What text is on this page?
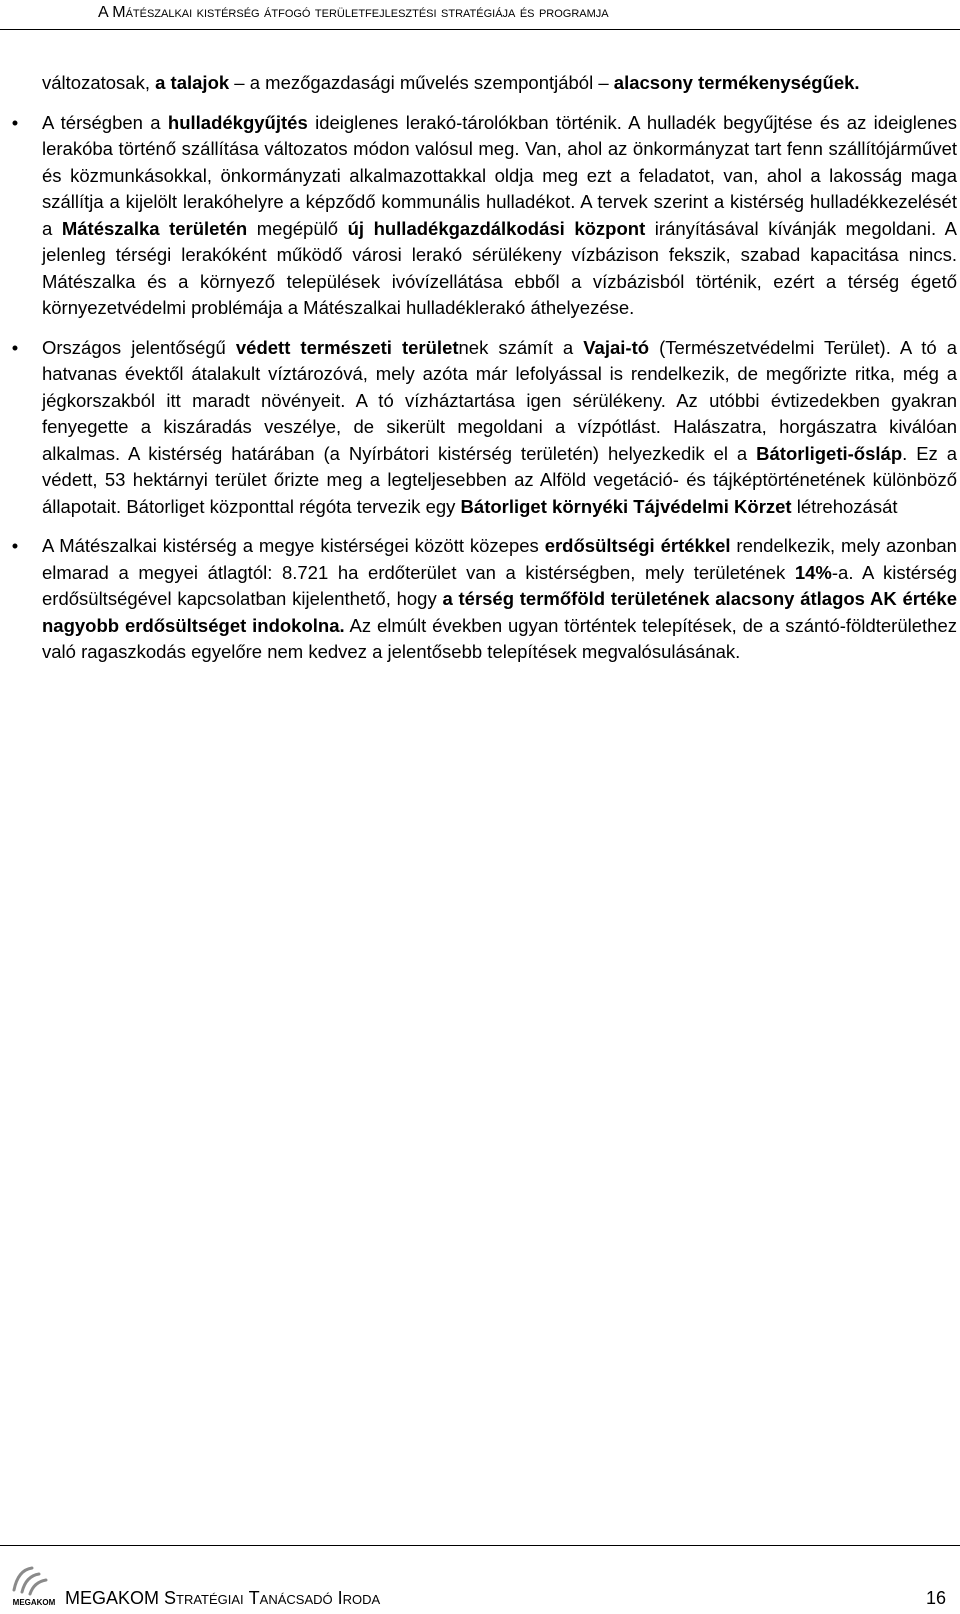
A Mátészalkai kistérség átfogó területfejlesztési stratégiája és programja

változatosak, a talajok – a mezőgazdasági művelés szempontjából – alacsony termékenységűek.

• A térségben a hulladékgyűjtés ideiglenes lerakó-tárolókban történik. A hulladék begyűjtése és az ideiglenes lerakóba történő szállítása változatos módon valósul meg. Van, ahol az önkormányzat tart fenn szállítójárművet és közmunkásokkal, önkormányzati alkalmazottakkal oldja meg ezt a feladatot, van, ahol a lakosság maga szállítja a kijelölt lerakóhelyre a képződő kommunális hulladékot. A tervek szerint a kistérség hulladékkezelését a Mátészalka területén megépülő új hulladékgazdálkodási központ irányításával kívánják megoldani. A jelenleg térségi lerakóként működő városi lerakó sérülékeny vízbázison fekszik, szabad kapacitása nincs. Mátészalka és a környező települések ivóvízellátása ebből a vízbázisból történik, ezért a térség égető környezetvédelmi problémája a Mátészalkai hulladéklerakó áthelyezése.
• Országos jelentőségű védett természeti területnek számít a Vajai-tó (Természetvédelmi Terület). A tó a hatvanas évektől átalakult víztározóvá, mely azóta már lefolyással is rendelkezik, de megőrizte ritka, még a jégkorszakból itt maradt növényeit. A tó vízháztartása igen sérülékeny. Az utóbbi évtizedekben gyakran fenyegette a kiszáradás veszélye, de sikerült megoldani a vízpótlást. Halászatra, horgászatra kiválóan alkalmas. A kistérség határában (a Nyírbátori kistérség területén) helyezkedik el a Bátorligeti-ősláp. Ez a védett, 53 hektárnyi terület őrizte meg a legteljesebben az Alföld vegetáció- és tájképtörténetének különböző állapotait. Bátorliget központtal régóta tervezik egy Bátorliget környéki Tájvédelmi Körzet létrehozását
• A Mátészalkai kistérség a megye kistérségei között közepes erdősültségi értékkel rendelkezik, mely azonban elmarad a megyei átlagtól: 8.721 ha erdőterület van a kistérségben, mely területének 14%-a. A kistérség erdősültségével kapcsolatban kijelenthető, hogy a térség termőföld területének alacsony átlagos AK értéke nagyobb erdősültséget indokolna. Az elmúlt években ugyan történtek telepítések, de a szántó-földterülethez való ragaszkodás egyelőre nem kedvez a jelentősebb telepítések megvalósulásának.
MEGAKOM MEGAKOM Stratégiai Tanácsadó Iroda	16
